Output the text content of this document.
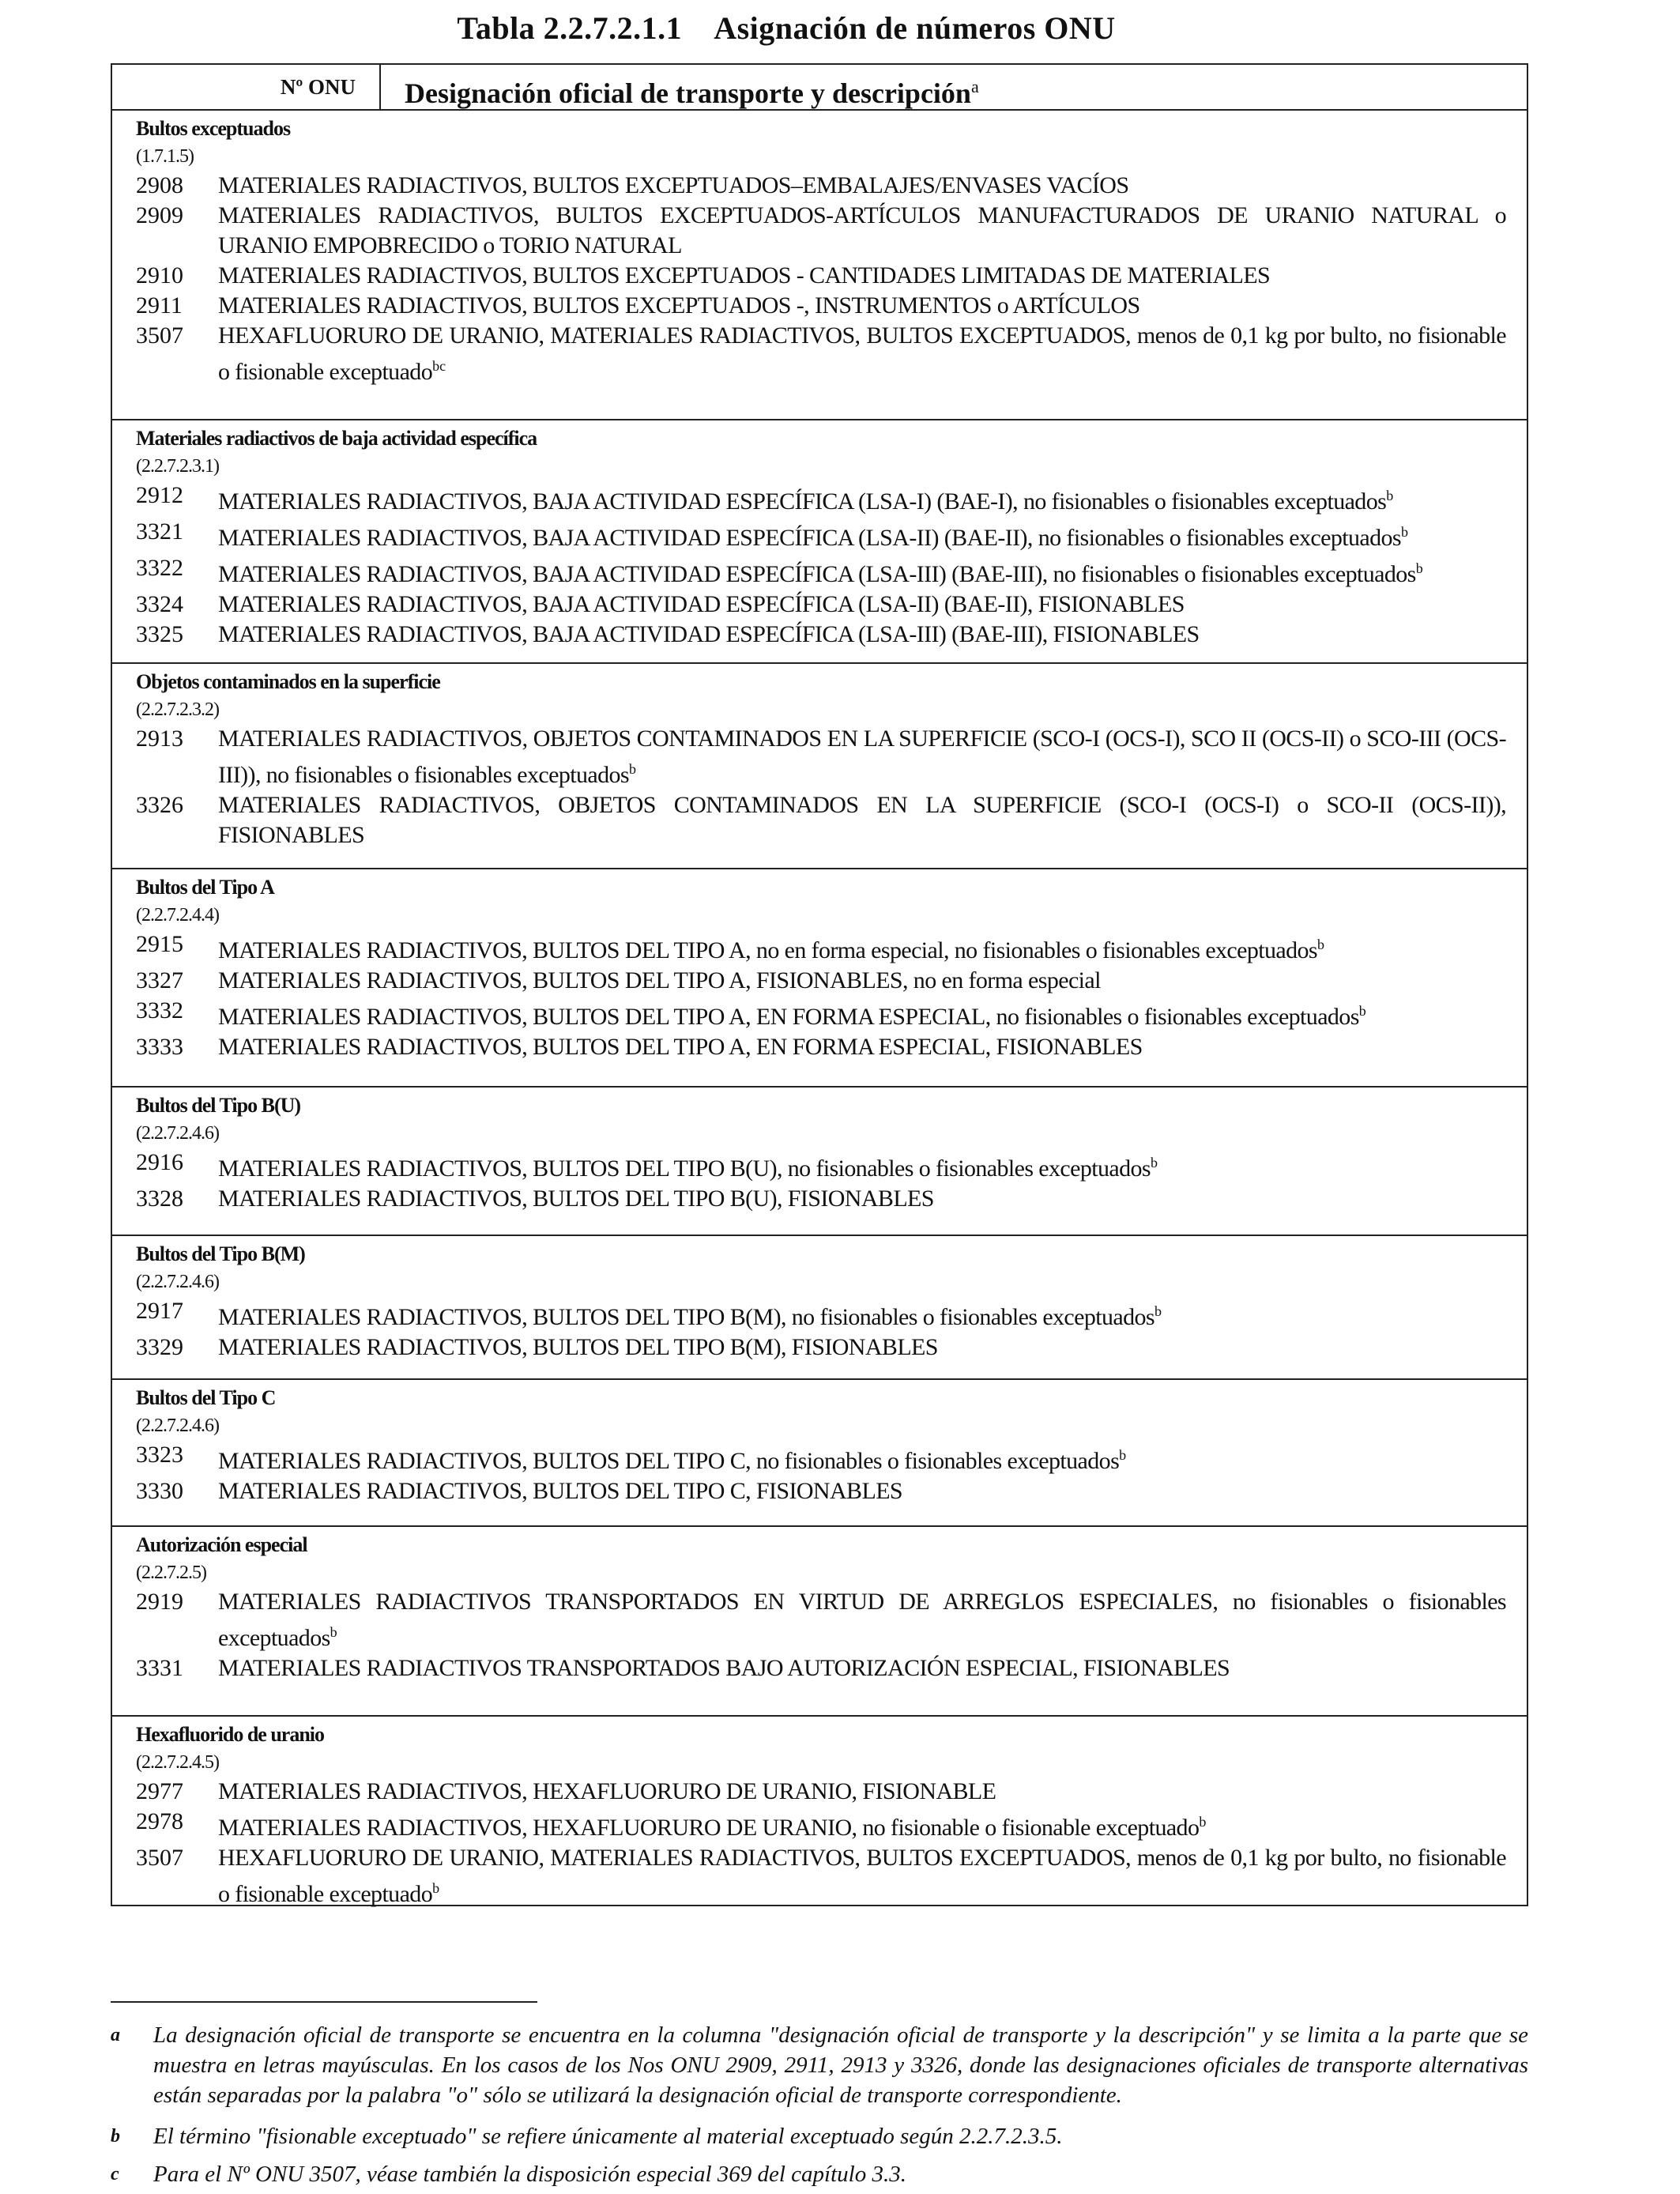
Tabla 2.2.7.2.1.1 Asignación de números ONU
Nº ONU	Designación oficial de transporte y descripción$^a$
Bultos exceptuados
(1.7.1.5)
2908	MATERIALES RADIACTIVOS, BULTOS EXCEPTUADOS–EMBALAJES/ENVASES VACÍOS
2909	MATERIALES RADIACTIVOS, BULTOS EXCEPTUADOS-ARTÍCULOS MANUFACTURADOS DE URANIO NATURAL o URANIO EMPOBRECIDO o TORIO NATURAL
2910	MATERIALES RADIACTIVOS, BULTOS EXCEPTUADOS - CANTIDADES LIMITADAS DE MATERIALES
2911	MATERIALES RADIACTIVOS, BULTOS EXCEPTUADOS -, INSTRUMENTOS o ARTÍCULOS
3507	HEXAFLUORURO DE URANIO, MATERIALES RADIACTIVOS, BULTOS EXCEPTUADOS, menos de 0,1 kg por bulto, no fisionable o fisionable exceptuado$^{bc}$
Materiales radiactivos de baja actividad específica
(2.2.7.2.3.1)
2912	MATERIALES RADIACTIVOS, BAJA ACTIVIDAD ESPECÍFICA (LSA-I) (BAE-I), no fisionables o fisionables exceptuados$^b$
3321	MATERIALES RADIACTIVOS, BAJA ACTIVIDAD ESPECÍFICA (LSA-II) (BAE-II), no fisionables o fisionables exceptuados$^b$
3322	MATERIALES RADIACTIVOS, BAJA ACTIVIDAD ESPECÍFICA (LSA-III) (BAE-III), no fisionables o fisionables exceptuados$^b$
3324	MATERIALES RADIACTIVOS, BAJA ACTIVIDAD ESPECÍFICA (LSA-II) (BAE-II), FISIONABLES
3325	MATERIALES RADIACTIVOS, BAJA ACTIVIDAD ESPECÍFICA (LSA-III) (BAE-III), FISIONABLES
Objetos contaminados en la superficie
(2.2.7.2.3.2)
2913	MATERIALES RADIACTIVOS, OBJETOS CONTAMINADOS EN LA SUPERFICIE (SCO-I (OCS-I), SCO II (OCS-II) o SCO-III (OCS-III)), no fisionables o fisionables exceptuados$^b$
3326	MATERIALES RADIACTIVOS, OBJETOS CONTAMINADOS EN LA SUPERFICIE (SCO-I (OCS-I) o SCO-II (OCS-II)), FISIONABLES
Bultos del Tipo A
(2.2.7.2.4.4)
2915	MATERIALES RADIACTIVOS, BULTOS DEL TIPO A, no en forma especial, no fisionables o fisionables exceptuados$^b$
3327	MATERIALES RADIACTIVOS, BULTOS DEL TIPO A, FISIONABLES, no en forma especial
3332	MATERIALES RADIACTIVOS, BULTOS DEL TIPO A, EN FORMA ESPECIAL, no fisionables o fisionables exceptuados$^b$
3333	MATERIALES RADIACTIVOS, BULTOS DEL TIPO A, EN FORMA ESPECIAL, FISIONABLES
Bultos del Tipo B(U)
(2.2.7.2.4.6)
2916	MATERIALES RADIACTIVOS, BULTOS DEL TIPO B(U), no fisionables o fisionables exceptuados$^b$
3328	MATERIALES RADIACTIVOS, BULTOS DEL TIPO B(U), FISIONABLES
Bultos del Tipo B(M)
(2.2.7.2.4.6)
2917	MATERIALES RADIACTIVOS, BULTOS DEL TIPO B(M), no fisionables o fisionables exceptuados$^b$
3329	MATERIALES RADIACTIVOS, BULTOS DEL TIPO B(M), FISIONABLES
Bultos del Tipo C
(2.2.7.2.4.6)
3323	MATERIALES RADIACTIVOS, BULTOS DEL TIPO C, no fisionables o fisionables exceptuados$^b$
3330	MATERIALES RADIACTIVOS, BULTOS DEL TIPO C, FISIONABLES
Autorización especial
(2.2.7.2.5)
2919	MATERIALES RADIACTIVOS TRANSPORTADOS EN VIRTUD DE ARREGLOS ESPECIALES, no fisionables o fisionables exceptuados$^b$
3331	MATERIALES RADIACTIVOS TRANSPORTADOS BAJO AUTORIZACIÓN ESPECIAL, FISIONABLES
Hexafluorido de uranio
(2.2.7.2.4.5)
2977	MATERIALES RADIACTIVOS, HEXAFLUORURO DE URANIO, FISIONABLE
2978	MATERIALES RADIACTIVOS, HEXAFLUORURO DE URANIO, no fisionable o fisionable exceptuado$^b$
3507	HEXAFLUORURO DE URANIO, MATERIALES RADIACTIVOS, BULTOS EXCEPTUADOS, menos de 0,1 kg por bulto, no fisionable o fisionable exceptuado$^b$
a	La designación oficial de transporte se encuentra en la columna "designación oficial de transporte y la descripción" y se limita a la parte que se muestra en letras mayúsculas. En los casos de los Nos ONU 2909, 2911, 2913 y 3326, donde las designaciones oficiales de transporte alternativas están separadas por la palabra "o" sólo se utilizará la designación oficial de transporte correspondiente.
b	El término "fisionable exceptuado" se refiere únicamente al material exceptuado según 2.2.7.2.3.5.
c	Para el Nº ONU 3507, véase también la disposición especial 369 del capítulo 3.3.
